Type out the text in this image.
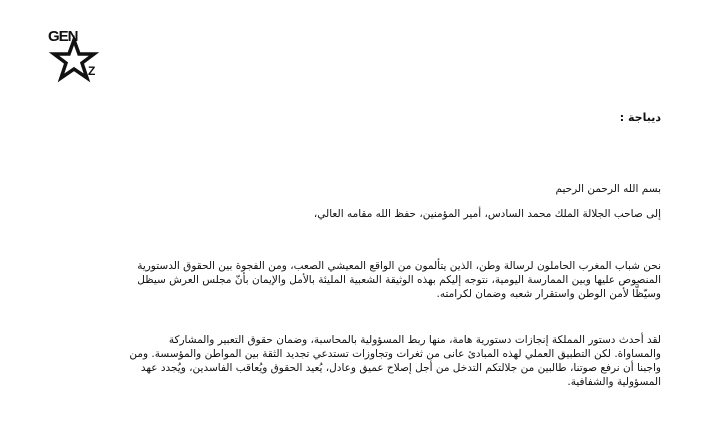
GEN
Z
ديباجة :
بسم الله الرحمن الرحيم
إلى صاحب الجلالة الملك محمد السادس، أمير المؤمنين، حفظ الله مقامه العالي،
نحن شباب المغرب الحاملون لرسالة وطن، الذين يتألمون من الواقع المعيشي الصعب، ومن الفجوة بين الحقوق الدستورية
المنصوص عليها وبين الممارسة اليومية، نتوجه إليكم بهذه الوثيقة الشعبية المليئة بالأمل والإيمان بأنّ مجلس العرش سيظل
وسيّظَّا لأمن الوطن واستقرار شعبه وضمان لكرامته.
لقد أحدث دستور المملكة إنجازات دستورية هامة، منها ربط المسؤولية بالمحاسبة، وضمان حقوق التعبير والمشاركة
والمساواة. لكن التطبيق العملي لهذه المبادئ عانى من ثغرات وتجاوزات تستدعي تجديد الثقة بين المواطن والمؤسسة. ومن
واجبنا أن نرفع صوتنا، طالبين من جلالتكم التدخل من أجل إصلاح عميق وعادل، يُعيد الحقوق ويُعاقب الفاسدين، ويُجدد عهد
المسؤولية والشفافية.
